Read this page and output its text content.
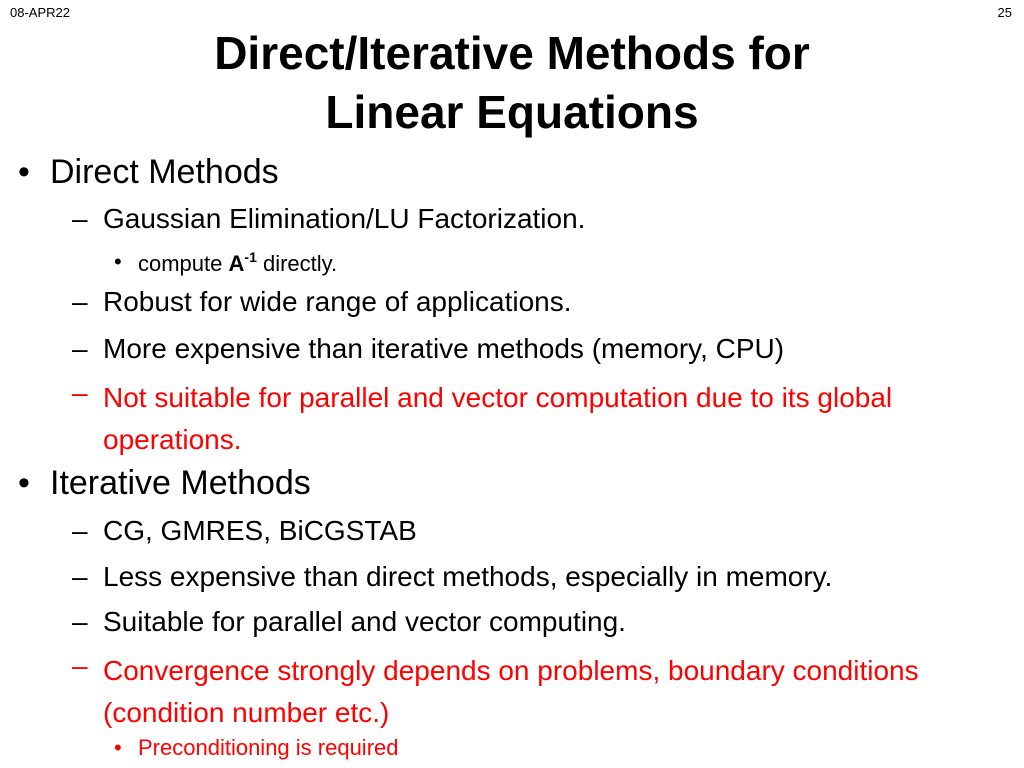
08-APR22	25
Direct/Iterative Methods for
Linear Equations
• Direct Methods
– Gaussian Elimination/LU Factorization.
• compute $A^{-1}$ directly.
– Robust for wide range of applications.
– More expensive than iterative methods (memory, CPU)
– Not suitable for parallel and vector computation due to its global operations.
• Iterative Methods
– CG, GMRES, BiCGSTAB
– Less expensive than direct methods, especially in memory.
– Suitable for parallel and vector computing.
– Convergence strongly depends on problems, boundary conditions (condition number etc.)
• Preconditioning is required
